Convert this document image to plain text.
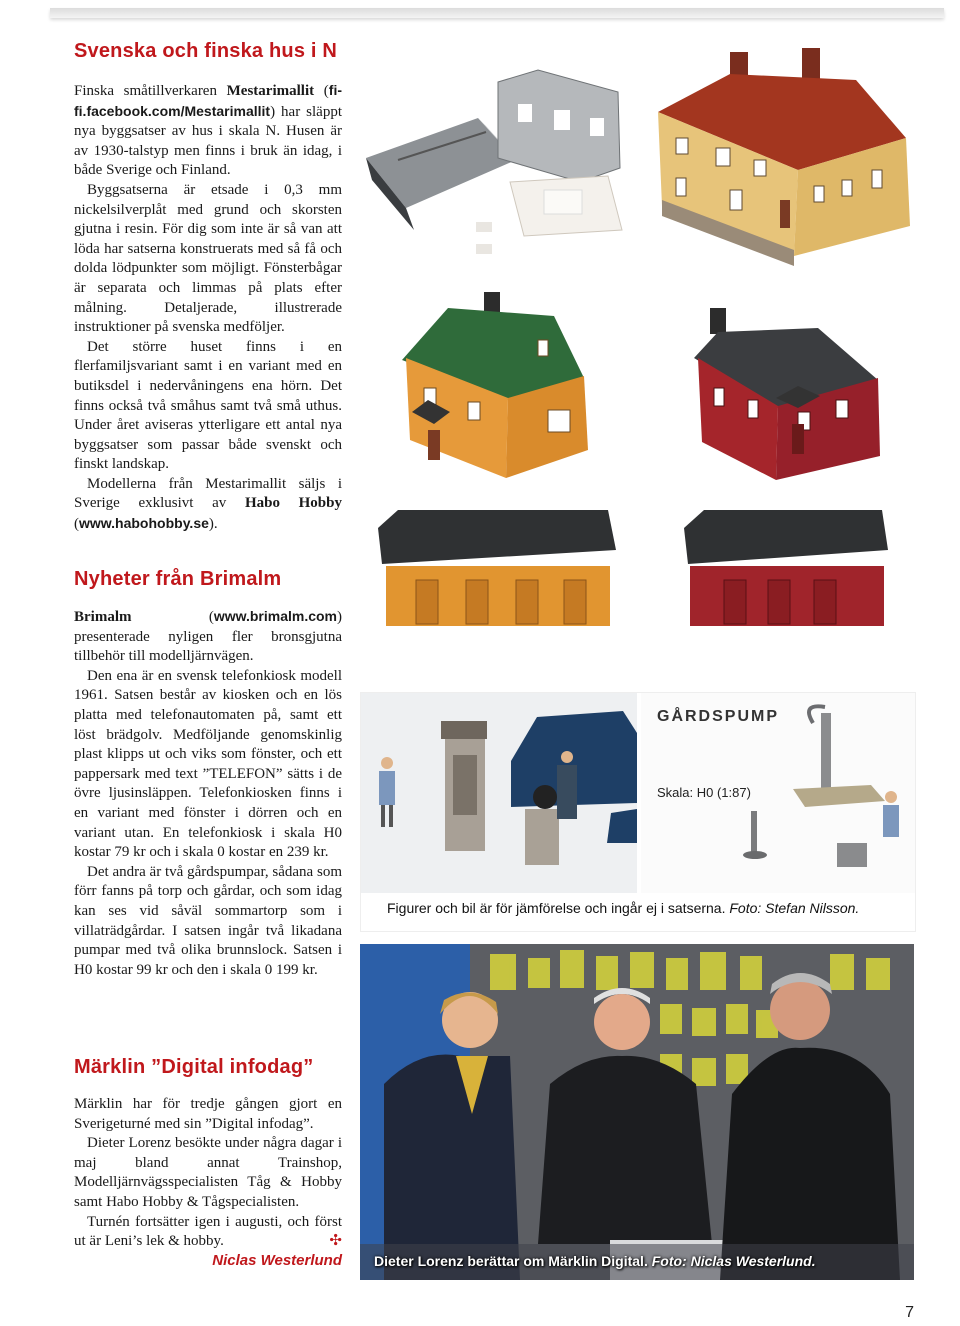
Svenska och finska hus i N

Finska småtillverkaren Mestarimallit (fi-fi.facebook.com/Mestarimallit) har släppt nya byggsatser av hus i skala N. Husen är av 1930-talstyp men finns i bruk än idag, i både Sverige och Finland.

Byggsatserna är etsade i 0,3 mm nickelsilverplåt med grund och skorsten gjutna i resin. För dig som inte är så van att löda har satserna konstruerats med så få och dolda lödpunkter som möjligt. Fönsterbågar är separata och limmas på plats efter målning. Detaljerade, illustrerade instruktioner på svenska medföljer.

Det större huset finns i en flerfamiljsvariant samt i en variant med en butiksdel i nedervåningens ena hörn. Det finns också två småhus samt två små uthus. Under året aviseras ytterligare ett antal nya byggsatser som passar både svenskt och finskt landskap.

Modellerna från Mestarimallit säljs i Sverige exklusivt av Habo Hobby (www.habohobby.se).

Nyheter från Brimalm

Brimalm (www.brimalm.com) presenterade nyligen fler bronsgjutna tillbehör till modelljärnvägen.

Den ena är en svensk telefonkiosk modell 1961. Satsen består av kiosken och en lös platta med telefonautomaten på, samt ett löst brädgolv. Medföljande genomskinlig plast klipps ut och viks som fönster, och ett pappersark med text ”TELEFON” sätts i de övre ljusinsläppen. Telefonkiosken finns i en variant med fönster i dörren och en variant utan. En telefonkiosk i skala H0 kostar 79 kr och i skala 0 kostar en 239 kr.

Det andra är två gårdspumpar, sådana som förr fanns på torp och gårdar, och som idag kan ses vid såväl sommartorp som i villaträdgårdar. I satsen ingår två likadana pumpar med två olika brunnslock. Satsen i H0 kostar 99 kr och den i skala 0 199 kr.

Märklin ”Digital infodag”

Märklin har för tredje gången gjort en Sverigeturné med sin ”Digital infodag”.

Dieter Lorenz besökte under några dagar i maj bland annat Trainshop, Modelljärnvägsspecialisten Tåg & Hobby samt Habo Hobby & Tågspecialisten.

Turnén fortsätter igen i augusti, och först ut är Leni’s lek & hobby.	✣

Niclas Westerlund

GÅRDSPUMP
Skala: H0 (1:87)
Figurer och bil är för jämförelse och ingår ej i satserna. Foto: Stefan Nilsson.
Dieter Lorenz berättar om Märklin Digital. Foto: Niclas Westerlund.
7
